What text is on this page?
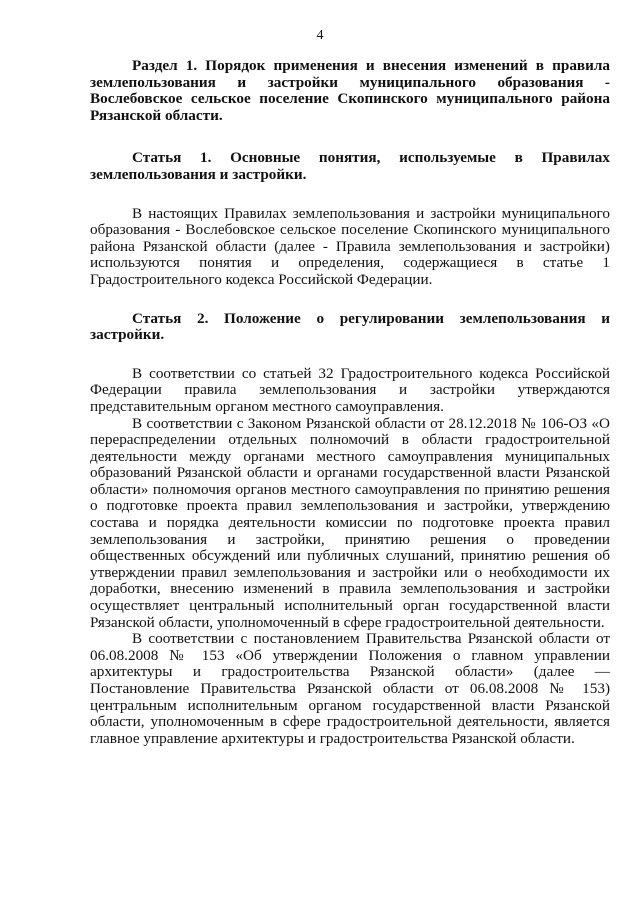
4

Раздел 1. Порядок применения и внесения изменений в правила землепользования и застройки муниципального образования - Вослебовское сельское поселение Скопинского муниципального района Рязанской области.

Статья 1. Основные понятия, используемые в Правилах землепользования и застройки.

В настоящих Правилах землепользования и застройки муниципального образования - Вослебовское сельское поселение Скопинского муниципального района Рязанской области (далее - Правила землепользования и застройки) используются понятия и определения, содержащиеся в статье 1 Градостроительного кодекса Российской Федерации.

Статья 2. Положение о регулировании землепользования и застройки.

В соответствии со статьей 32 Градостроительного кодекса Российской Федерации правила землепользования и застройки утверждаются представительным органом местного самоуправления.

В соответствии с Законом Рязанской области от 28.12.2018 № 106-ОЗ «О перераспределении отдельных полномочий в области градостроительной деятельности между органами местного самоуправления муниципальных образований Рязанской области и органами государственной власти Рязанской области» полномочия органов местного самоуправления по принятию решения о подготовке проекта правил землепользования и застройки, утверждению состава и порядка деятельности комиссии по подготовке проекта правил землепользования и застройки, принятию решения о проведении общественных обсуждений или публичных слушаний, принятию решения об утверждении правил землепользования и застройки или о необходимости их доработки, внесению изменений в правила землепользования и застройки осуществляет центральный исполнительный орган государственной власти Рязанской области, уполномоченный в сфере градостроительной деятельности.

В соответствии с постановлением Правительства Рязанской области от 06.08.2008 № 153 «Об утверждении Положения о главном управлении архитектуры и градостроительства Рязанской области» (далее — Постановление Правительства Рязанской области от 06.08.2008 № 153) центральным исполнительным органом государственной власти Рязанской области, уполномоченным в сфере градостроительной деятельности, является главное управление архитектуры и градостроительства Рязанской области.
